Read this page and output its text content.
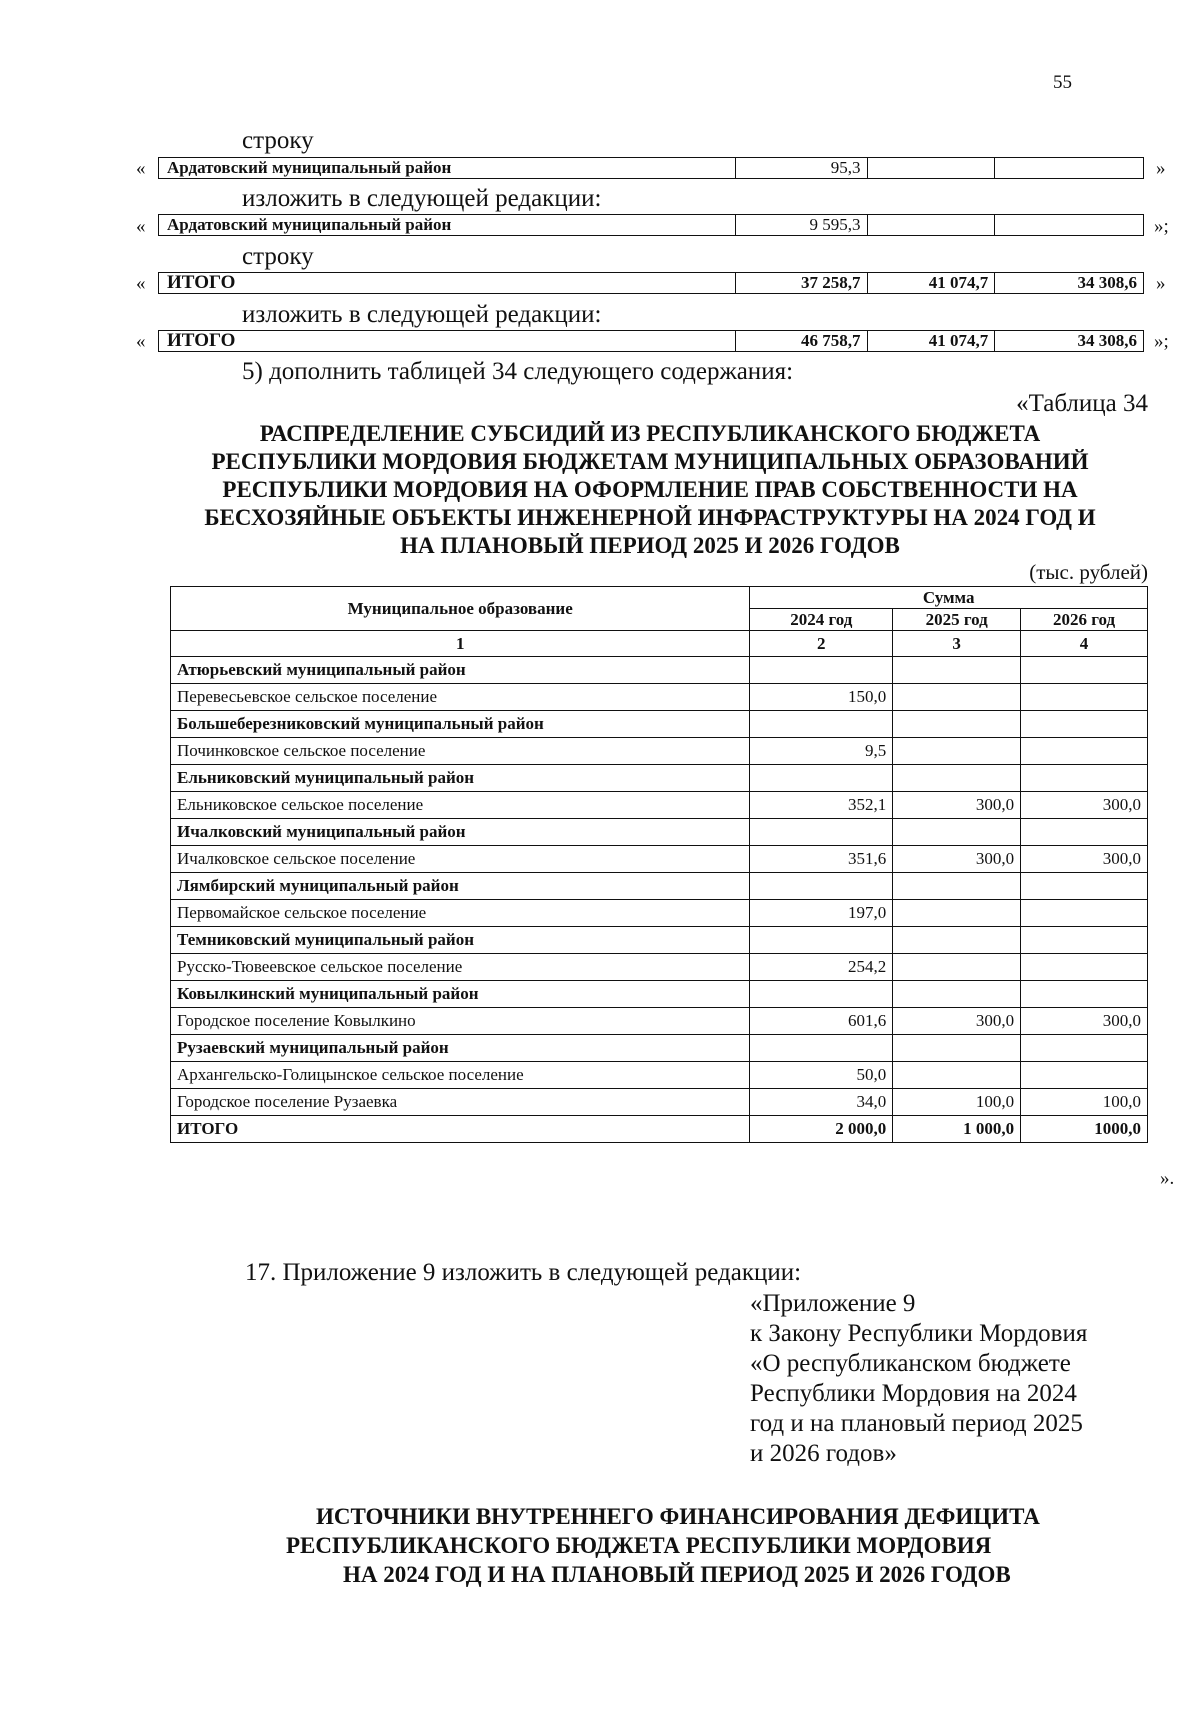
55
строку
«	Ардатовский муниципальный район	95,3	»
изложить в следующей редакции:
«	Ардатовский муниципальный район	9 595,3	»;
строку
«	ИТОГО	37 258,7	41 074,7	34 308,6	»
изложить в следующей редакции:
«	ИТОГО	46 758,7	41 074,7	34 308,6 »;
5) дополнить таблицей 34 следующего содержания:
«Таблица 34
РАСПРЕДЕЛЕНИЕ СУБСИДИЙ ИЗ РЕСПУБЛИКАНСКОГО БЮДЖЕТА
РЕСПУБЛИКИ МОРДОВИЯ БЮДЖЕТАМ МУНИЦИПАЛЬНЫХ ОБРАЗОВАНИЙ
РЕСПУБЛИКИ МОРДОВИЯ НА ОФОРМЛЕНИЕ ПРАВ СОБСТВЕННОСТИ НА
БЕСХОЗЯЙНЫЕ ОБЪЕКТЫ ИНЖЕНЕРНОЙ ИНФРАСТРУКТУРЫ НА 2024 ГОД И
НА ПЛАНОВЫЙ ПЕРИОД 2025 И 2026 ГОДОВ
(тыс. рублей)
Муниципальное образование	Сумма		
	2024 год	2025 год	2026 год
1	2	3	4
Атюрьевский муниципальный район			
Перевесьевское сельское поселение	150,0		
Большеберезниковский муниципальный район			
Починковское сельское поселение	9,5		
Ельниковский муниципальный район			
Ельниковское сельское поселение	352,1	300,0	300,0
Ичалковский муниципальный район			
Ичалковское сельское поселение	351,6	300,0	300,0
Лямбирский муниципальный район			
Первомайское сельское поселение	197,0		
Темниковский муниципальный район			
Русско-Тювеевское сельское поселение	254,2		
Ковылкинский муниципальный район			
Городское поселение Ковылкино	601,6	300,0	300,0
Рузаевский муниципальный район			
Архангельско-Голицынское сельское поселение	50,0		
Городское поселение Рузаевка	34,0	100,0	100,0
ИТОГО	2 000,0	1 000,0	1000,0
».
17. Приложение 9 изложить в следующей редакции:
«Приложение 9
к Закону Республики Мордовия
«О республиканском бюджете
Республики Мордовия на 2024
год и на плановый период 2025
и 2026 годов»
ИСТОЧНИКИ ВНУТРЕННЕГО ФИНАНСИРОВАНИЯ ДЕФИЦИТА
РЕСПУБЛИКАНСКОГО БЮДЖЕТА РЕСПУБЛИКИ МОРДОВИЯ
НА 2024 ГОД И НА ПЛАНОВЫЙ ПЕРИОД 2025 И 2026 ГОДОВ
